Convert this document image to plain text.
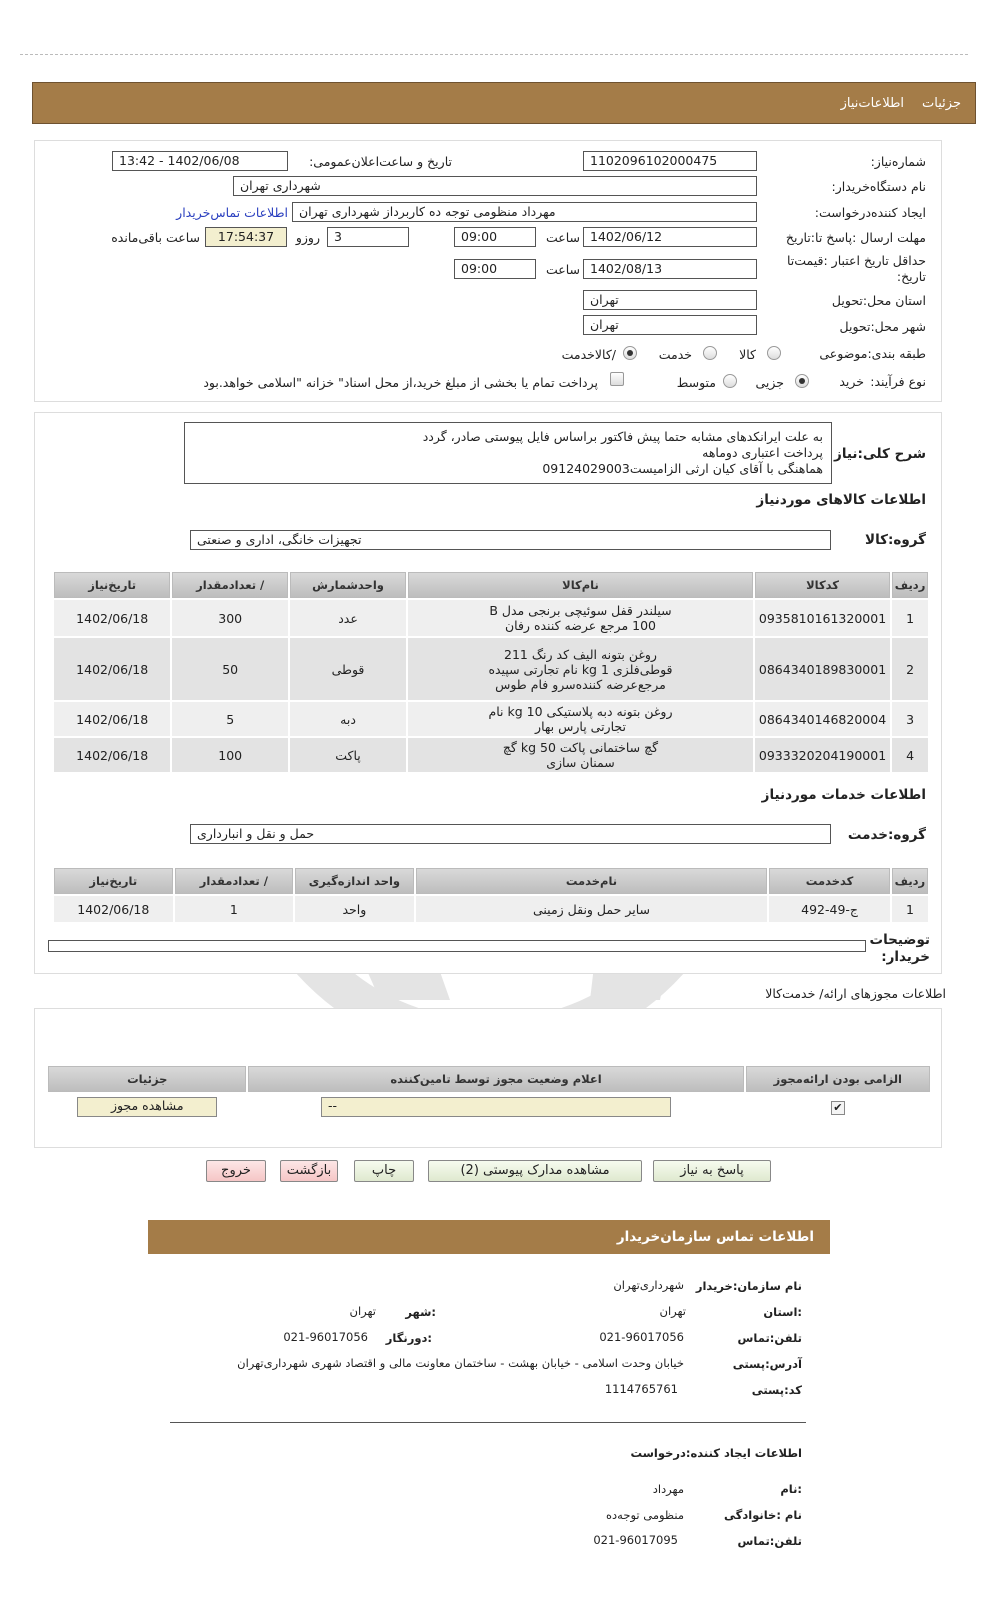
جزئیات
اطلاعات‌نیاز
شماره‌نیاز:
1102096102000475
تاریخ و ساعت‌اعلان‌عمومی:
1402/06/08 - 13:42
نام دستگاه‌خریدار:
شهرداری تهران
ایجاد کننده‌درخواست:
مهرداد منظومی توجه ده کاربرداز شهرداری تهران
اطلاعات تماس‌خریدار
مهلت ارسال :پاسخ تا:تاریخ
1402/06/12
ساعت
09:00
3
روزو
17:54:37
ساعت باقی‌مانده
حداقل تاریخ اعتبار :قیمت‌تا تاریخ:
1402/08/13
ساعت
09:00
استان محل:تحویل
تهران
شهر محل:تحویل
تهران
طبقه بندی:موضوعی
کالا
خدمت
/کالاخدمت
نوع فرآیند:
خرید
جزیی
متوسط
پرداخت تمام یا بخشی از مبلغ خرید،از محل اسناد" خزانه "اسلامی خواهد.بود
شرح کلی:نیاز
به علت ایرانکدهای مشابه حتما پیش فاکتور براساس فایل پیوستی صادر، گردد
پرداخت اعتباری دوماهه
هماهنگی با آقای کیان ارثی الزامیست09124029003
اطلاعات کالاهای موردنیاز
گروه:کالا
تجهیزات خانگی، اداری و صنعتی
ردیف	کدکالا	نام‌کالا	واحدشمارش	/ تعدادمقدار	تاریخ‌نیاز
1	0935810161320001	سیلندر قفل سوئیچی برنجی مدل B 100 مرجع عرضه کننده رفان	عدد	300	1402/06/18
2	0864340189830001	روغن بتونه الیف کد رنگ 211 قوطی‌فلزی 1 kg نام تجارتی سپیده مرجع‌عرضه کننده‌سرو فام طوس	قوطی	50	1402/06/18
3	0864340146820004	روغن بتونه دبه پلاستیکی 10 kg نام تجارتی پارس بهار	دبه	5	1402/06/18
4	0933320204190001	گچ ساختمانی پاکت 50 kg گچ سمنان سازی	پاکت	100	1402/06/18
اطلاعات خدمات موردنیاز
گروه:خدمت
حمل و نقل و انبارداری
ردیف	کدخدمت	نام‌خدمت	واحد اندازه‌گیری	/ تعدادمقدار	تاریخ‌نیاز
1	ج-49-492	سایر حمل ونقل زمینی	واحد	1	1402/06/18
توضیحات خریدار:
اطلاعات مجوزهای ارائه/ خدمت‌کالا
الزامی بودن ارائه‌مجوز	اعلام وضعیت مجوز توسط تامین‌کننده	جزئیات
✔	--	مشاهده مجوز
پاسخ به نیاز
مشاهده مدارک پیوستی (2)
چاپ
بازگشت
خروج
اطلاعات تماس سازمان‌خریدار
نام سازمان:خریدار
شهرداری‌تهران
:استان
تهران
:شهر
تهران
تلفن:تماس
021-96017056
:دورنگار
021-96017056
آدرس:پستی
خیابان وحدت اسلامی - خیابان بهشت - ساختمان معاونت مالی و اقتصاد شهری شهرداری‌تهران
کد:پستی
1114765761
اطلاعات ایجاد کننده:درخواست
:نام
مهرداد
نام :خانوادگی
منظومی توجه‌ده
تلفن:تماس
021-96017095
